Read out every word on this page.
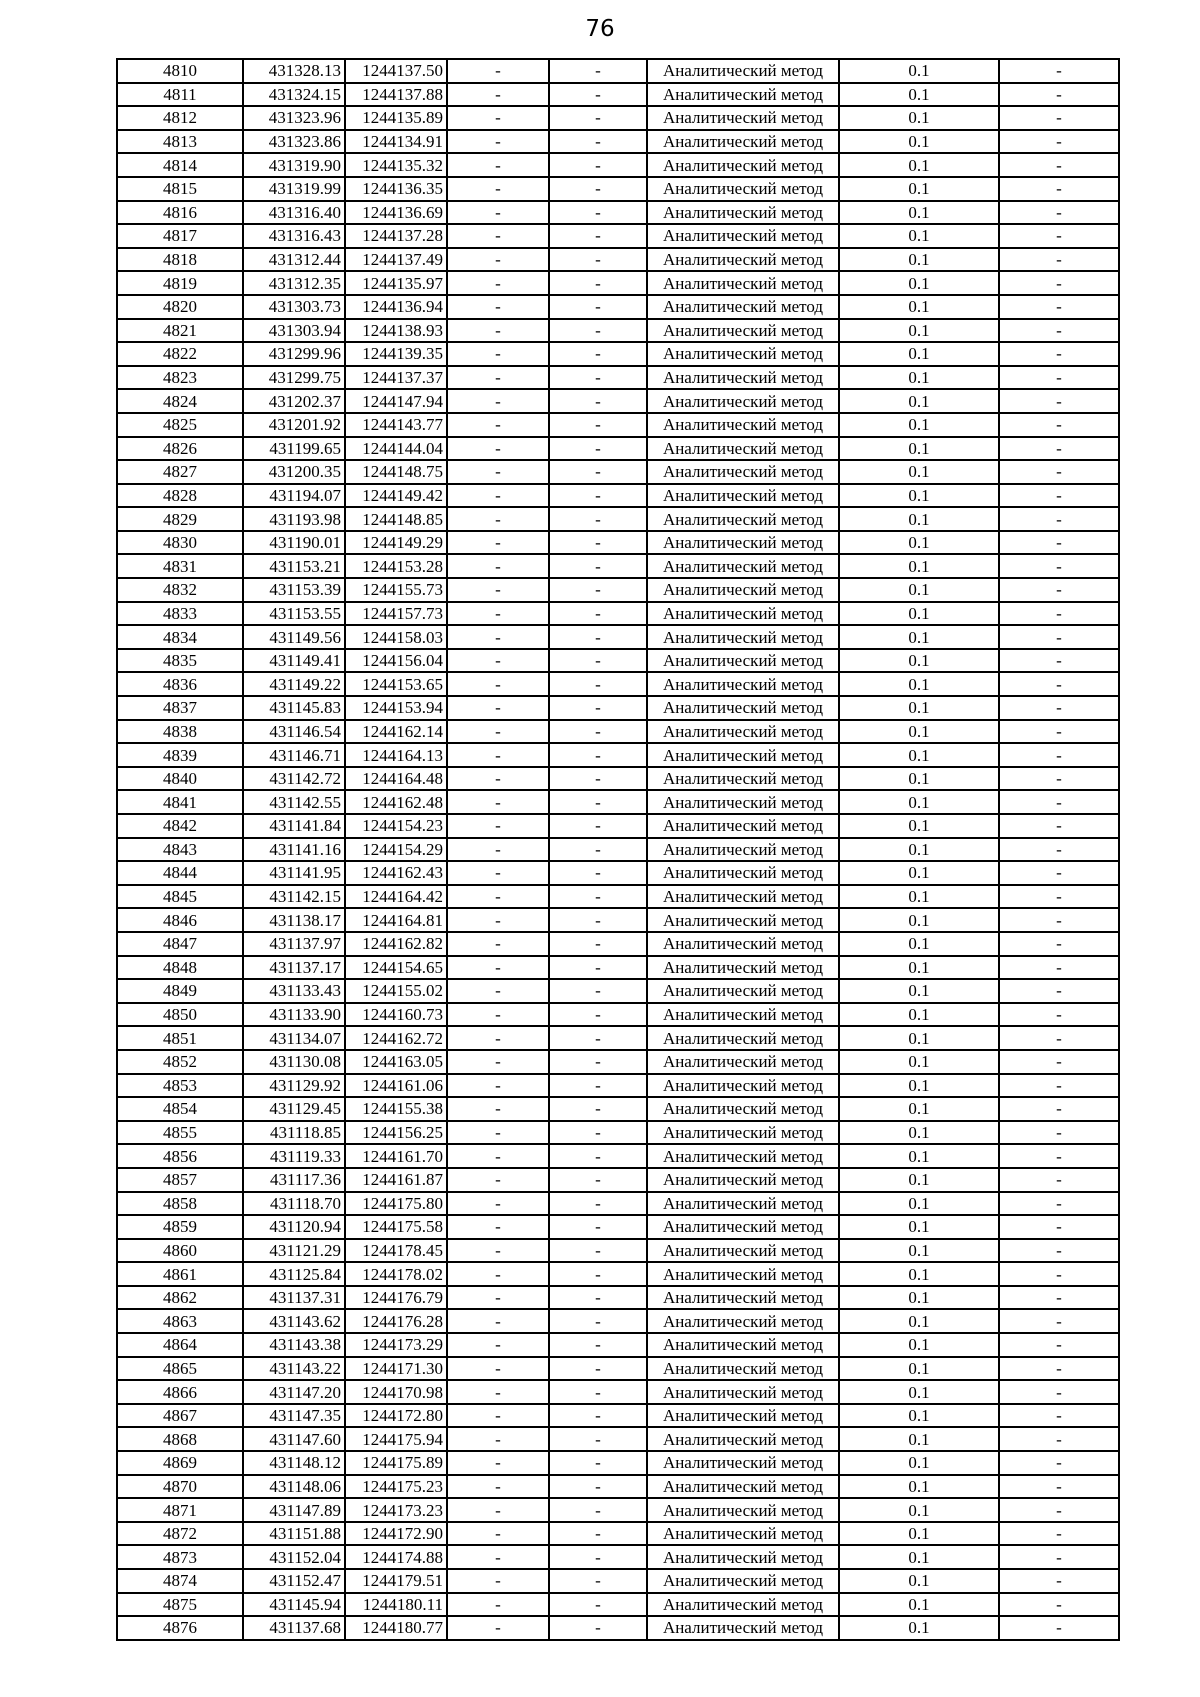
76
4810	431328.13	1244137.50	-	-	Аналитический метод	0.1	-
4811	431324.15	1244137.88	-	-	Аналитический метод	0.1	-
4812	431323.96	1244135.89	-	-	Аналитический метод	0.1	-
4813	431323.86	1244134.91	-	-	Аналитический метод	0.1	-
4814	431319.90	1244135.32	-	-	Аналитический метод	0.1	-
4815	431319.99	1244136.35	-	-	Аналитический метод	0.1	-
4816	431316.40	1244136.69	-	-	Аналитический метод	0.1	-
4817	431316.43	1244137.28	-	-	Аналитический метод	0.1	-
4818	431312.44	1244137.49	-	-	Аналитический метод	0.1	-
4819	431312.35	1244135.97	-	-	Аналитический метод	0.1	-
4820	431303.73	1244136.94	-	-	Аналитический метод	0.1	-
4821	431303.94	1244138.93	-	-	Аналитический метод	0.1	-
4822	431299.96	1244139.35	-	-	Аналитический метод	0.1	-
4823	431299.75	1244137.37	-	-	Аналитический метод	0.1	-
4824	431202.37	1244147.94	-	-	Аналитический метод	0.1	-
4825	431201.92	1244143.77	-	-	Аналитический метод	0.1	-
4826	431199.65	1244144.04	-	-	Аналитический метод	0.1	-
4827	431200.35	1244148.75	-	-	Аналитический метод	0.1	-
4828	431194.07	1244149.42	-	-	Аналитический метод	0.1	-
4829	431193.98	1244148.85	-	-	Аналитический метод	0.1	-
4830	431190.01	1244149.29	-	-	Аналитический метод	0.1	-
4831	431153.21	1244153.28	-	-	Аналитический метод	0.1	-
4832	431153.39	1244155.73	-	-	Аналитический метод	0.1	-
4833	431153.55	1244157.73	-	-	Аналитический метод	0.1	-
4834	431149.56	1244158.03	-	-	Аналитический метод	0.1	-
4835	431149.41	1244156.04	-	-	Аналитический метод	0.1	-
4836	431149.22	1244153.65	-	-	Аналитический метод	0.1	-
4837	431145.83	1244153.94	-	-	Аналитический метод	0.1	-
4838	431146.54	1244162.14	-	-	Аналитический метод	0.1	-
4839	431146.71	1244164.13	-	-	Аналитический метод	0.1	-
4840	431142.72	1244164.48	-	-	Аналитический метод	0.1	-
4841	431142.55	1244162.48	-	-	Аналитический метод	0.1	-
4842	431141.84	1244154.23	-	-	Аналитический метод	0.1	-
4843	431141.16	1244154.29	-	-	Аналитический метод	0.1	-
4844	431141.95	1244162.43	-	-	Аналитический метод	0.1	-
4845	431142.15	1244164.42	-	-	Аналитический метод	0.1	-
4846	431138.17	1244164.81	-	-	Аналитический метод	0.1	-
4847	431137.97	1244162.82	-	-	Аналитический метод	0.1	-
4848	431137.17	1244154.65	-	-	Аналитический метод	0.1	-
4849	431133.43	1244155.02	-	-	Аналитический метод	0.1	-
4850	431133.90	1244160.73	-	-	Аналитический метод	0.1	-
4851	431134.07	1244162.72	-	-	Аналитический метод	0.1	-
4852	431130.08	1244163.05	-	-	Аналитический метод	0.1	-
4853	431129.92	1244161.06	-	-	Аналитический метод	0.1	-
4854	431129.45	1244155.38	-	-	Аналитический метод	0.1	-
4855	431118.85	1244156.25	-	-	Аналитический метод	0.1	-
4856	431119.33	1244161.70	-	-	Аналитический метод	0.1	-
4857	431117.36	1244161.87	-	-	Аналитический метод	0.1	-
4858	431118.70	1244175.80	-	-	Аналитический метод	0.1	-
4859	431120.94	1244175.58	-	-	Аналитический метод	0.1	-
4860	431121.29	1244178.45	-	-	Аналитический метод	0.1	-
4861	431125.84	1244178.02	-	-	Аналитический метод	0.1	-
4862	431137.31	1244176.79	-	-	Аналитический метод	0.1	-
4863	431143.62	1244176.28	-	-	Аналитический метод	0.1	-
4864	431143.38	1244173.29	-	-	Аналитический метод	0.1	-
4865	431143.22	1244171.30	-	-	Аналитический метод	0.1	-
4866	431147.20	1244170.98	-	-	Аналитический метод	0.1	-
4867	431147.35	1244172.80	-	-	Аналитический метод	0.1	-
4868	431147.60	1244175.94	-	-	Аналитический метод	0.1	-
4869	431148.12	1244175.89	-	-	Аналитический метод	0.1	-
4870	431148.06	1244175.23	-	-	Аналитический метод	0.1	-
4871	431147.89	1244173.23	-	-	Аналитический метод	0.1	-
4872	431151.88	1244172.90	-	-	Аналитический метод	0.1	-
4873	431152.04	1244174.88	-	-	Аналитический метод	0.1	-
4874	431152.47	1244179.51	-	-	Аналитический метод	0.1	-
4875	431145.94	1244180.11	-	-	Аналитический метод	0.1	-
4876	431137.68	1244180.77	-	-	Аналитический метод	0.1	-
